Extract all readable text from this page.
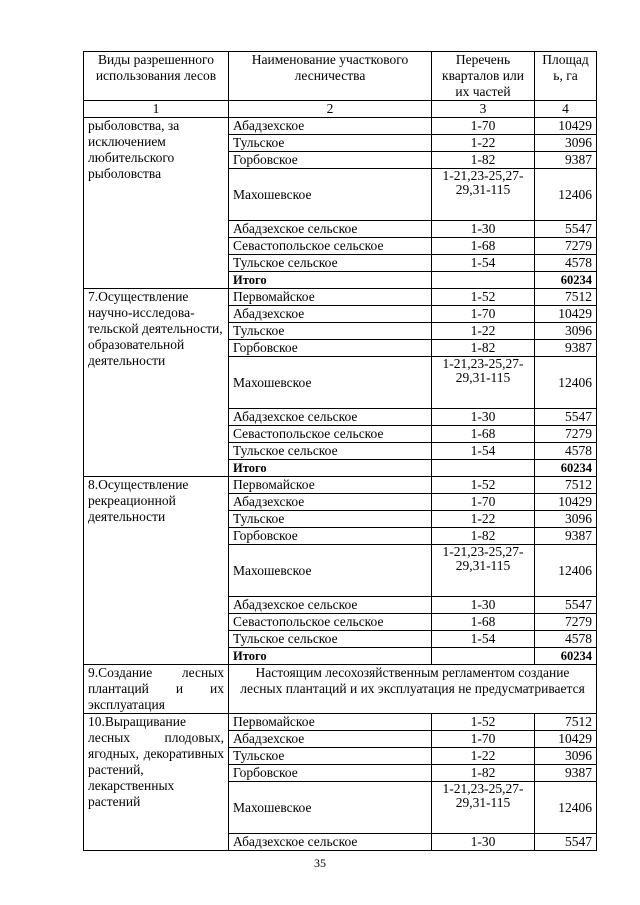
Виды разрешенного использования лесов	Наименование участкового лесничества	Перечень кварталов или их частей	Площад
ь, га
1	2	3	4
рыболовства, за исключением любительского рыболовства	Абадзехское	1-70	10429
	Тульское	1-22	3096
	Горбовское	1-82	9387
	Махошевское	1-21,23-25,27-29,31-115	12406
	Абадзехское сельское	1-30	5547
	Севастопольское сельское	1-68	7279
	Тульское сельское	1-54	4578
	Итого		60234
7.Осуществление научно-исследова-тельской деятельности, образовательной деятельности	Первомайское	1-52	7512
	Абадзехское	1-70	10429
	Тульское	1-22	3096
	Горбовское	1-82	9387
	Махошевское	1-21,23-25,27-29,31-115	12406
	Абадзехское сельское	1-30	5547
	Севастопольское сельское	1-68	7279
	Тульское сельское	1-54	4578
	Итого		60234
8.Осуществление рекреационной деятельности	Первомайское	1-52	7512
	Абадзехское	1-70	10429
	Тульское	1-22	3096
	Горбовское	1-82	9387
	Махошевское	1-21,23-25,27-29,31-115	12406
	Абадзехское сельское	1-30	5547
	Севастопольское сельское	1-68	7279
	Тульское сельское	1-54	4578
	Итого		60234
9.Создание лесных плантаций и их эксплуатация	Настоящим лесохозяйственным регламентом создание лесных плантаций и их эксплуатация не предусматривается		
10.Выращивание лесных плодовых, ягодных, декоративных растений, лекарственных растений	Первомайское	1-52	7512
	Абадзехское	1-70	10429
	Тульское	1-22	3096
	Горбовское	1-82	9387
	Махошевское	1-21,23-25,27-29,31-115	12406
	Абадзехское сельское	1-30	5547
35
